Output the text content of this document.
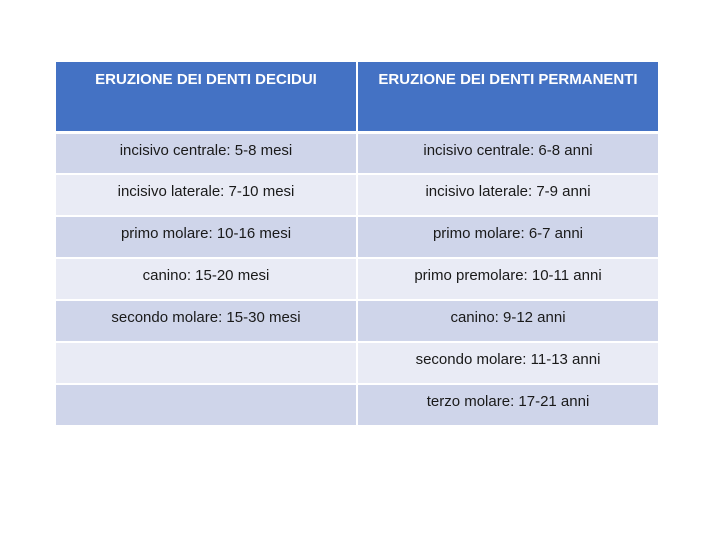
ERUZIONE DEI DENTI DECIDUI	ERUZIONE DEI DENTI PERMANENTI
incisivo centrale: 5-8 mesi	incisivo centrale: 6-8 anni
incisivo laterale: 7-10 mesi	incisivo laterale: 7-9 anni
primo molare: 10-16 mesi	primo molare: 6-7 anni
canino: 15-20 mesi	primo premolare: 10-11 anni
secondo molare: 15-30 mesi	canino: 9-12 anni
	secondo molare: 11-13 anni
	terzo molare: 17-21 anni
